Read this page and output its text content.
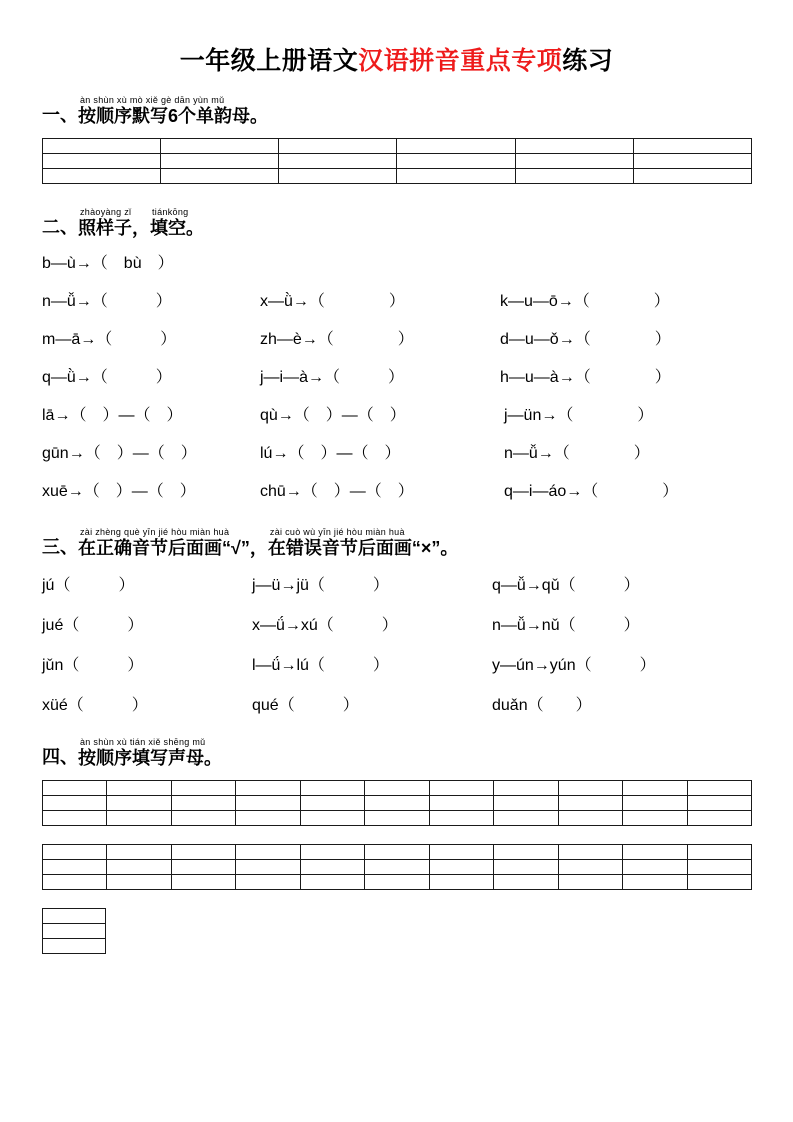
一年级上册语文汉语拼音重点专项练习
一、
àn shùn xù mò xiě gè dān yùn mǔ
按顺序默写6个单韵母。

二、
zhàoyàng zǐ
照样子，
tiánkōng
填空。
b—ù→（　bù　）
n—ǚ→（　　　）	x—ǜ→（　　　　）	k—u—ō→（　　　　）
m—ā→（　　　）	zh—è→（　　　　）	d—u—ǒ→（　　　　）
q—ǜ→（　　　）	j—i—à→（　　　）	h—u—à→（　　　　）
lā→（　）—（　）	qù→（　）—（　）	j—ün→（　　　　）
gūn→（　）—（　）	lú→（　）—（　）	n—ǚ→（　　　　）
xuē→（　）—（　）	chū→（　）—（　）	q—i—áo→（　　　　）
三、
zài zhèng què yīn jié hòu miàn huà
在正确音节后面画“√”，
zài cuò wù yīn jié hòu miàn huà
在错误音节后面画“×”。
jú（　　　）	j—ü→jü（　　　）	q—ǚ→qǔ（　　　）
jué（　　　）	x—ǘ→xú（　　　）	n—ǚ→nǔ（　　　）
jǔn（　　　）	l—ǘ→lú（　　　）	y—ún→yún（　　　）
xüé（　　　）	qué（　　　）	duǎn（　　）
四、
àn shùn xù tián xiě shēng mǔ
按顺序填写声母。
